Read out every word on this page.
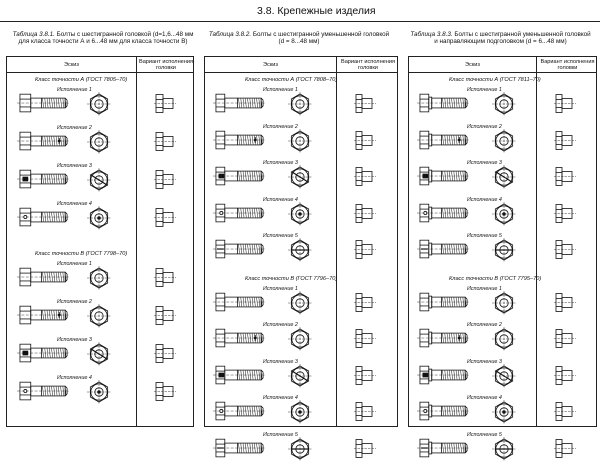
3.8. Крепежные изделия
Таблица 3.8.1. Болты с шестигранной головкой (d=1,6...48 мм
для класса точности А и 6...48 мм для класса точности В)
Эскиз	Вариант исполнения
головки
Класс точности А (ГОСТ 7805–70)
Исполнение 1
Исполнение 2
Исполнение 3
Исполнение 4
Класс точности В (ГОСТ 7798–70)
Исполнение 1
Исполнение 2
Исполнение 3
Исполнение 4
Таблица 3.8.2. Болты с шестигранной уменьшенной головкой
(d = 8...48 мм)
Эскиз	Вариант исполнения
головки
Класс точности А (ГОСТ 7808–70)
Исполнение 1
Исполнение 2
Исполнение 3
Исполнение 4
Исполнение 5
Класс точности В (ГОСТ 7796–70)
Исполнение 1
Исполнение 2
Исполнение 3
Исполнение 4
Исполнение 5
Таблица 3.8.3. Болты с шестигранной уменьшенной головкой
и направляющим подголовком (d = 6...48 мм)
Эскиз	Вариант исполнения
головки
Класс точности А (ГОСТ 7811–70)
Исполнение 1
Исполнение 2
Исполнение 3
Исполнение 4
Исполнение 5
Класс точности В (ГОСТ 7795–70)
Исполнение 1
Исполнение 2
Исполнение 3
Исполнение 4
Исполнение 5
